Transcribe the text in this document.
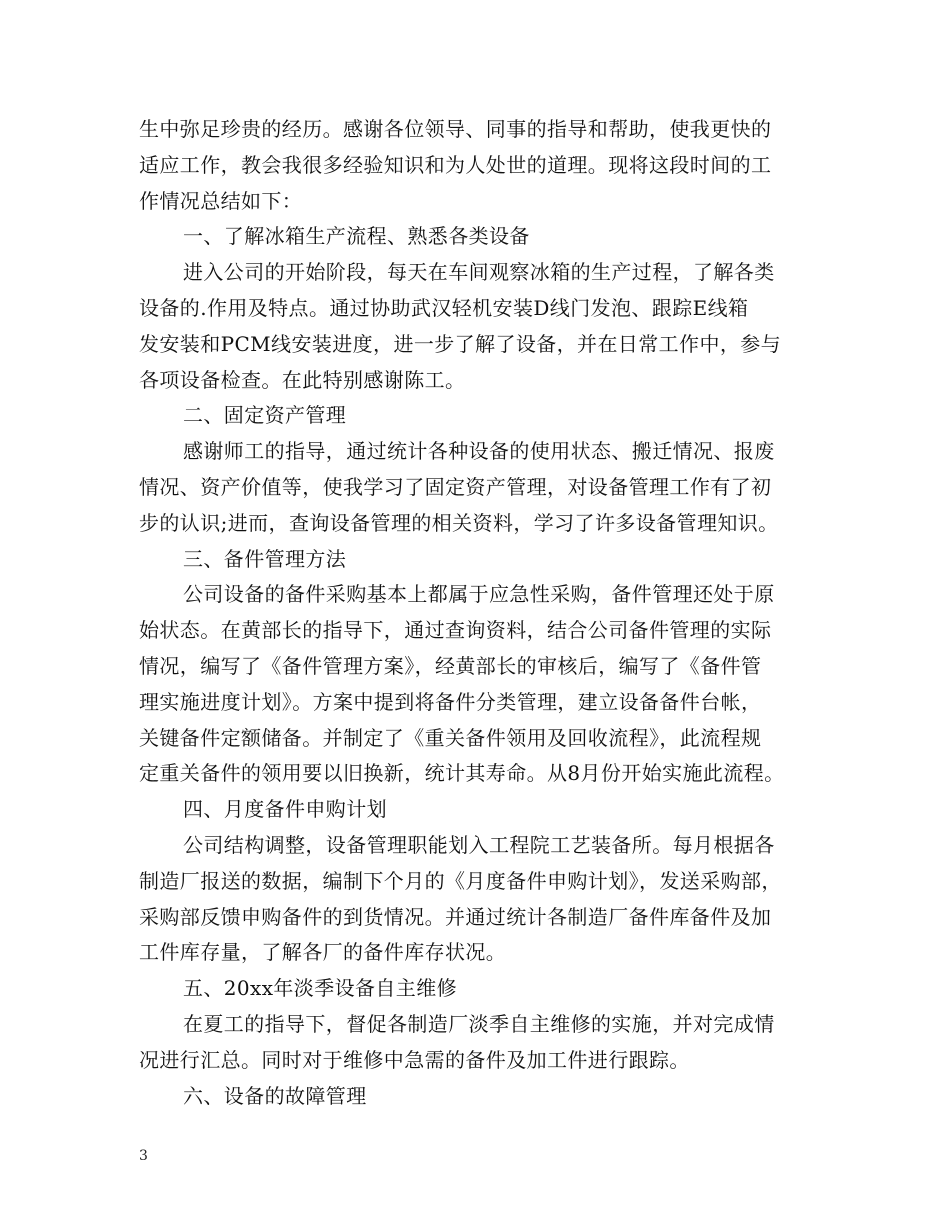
生中弥足珍贵的经历。感谢各位领导、同事的指导和帮助，使我更快的
适应工作，教会我很多经验知识和为人处世的道理。现将这段时间的工
作情况总结如下：
一、了解冰箱生产流程、熟悉各类设备
进入公司的开始阶段，每天在车间观察冰箱的生产过程，了解各类
设备的.作用及特点。通过协助武汉轻机安装D线门发泡、跟踪E线箱
发安装和PCM线安装进度，进一步了解了设备，并在日常工作中，参与
各项设备检查。在此特别感谢陈工。
二、固定资产管理
感谢师工的指导，通过统计各种设备的使用状态、搬迁情况、报废
情况、资产价值等，使我学习了固定资产管理，对设备管理工作有了初
步的认识;进而，查询设备管理的相关资料，学习了许多设备管理知识。
三、备件管理方法
公司设备的备件采购基本上都属于应急性采购，备件管理还处于原
始状态。在黄部长的指导下，通过查询资料，结合公司备件管理的实际
情况，编写了《备件管理方案》，经黄部长的审核后，编写了《备件管
理实施进度计划》。方案中提到将备件分类管理，建立设备备件台帐，
关键备件定额储备。并制定了《重关备件领用及回收流程》，此流程规
定重关备件的领用要以旧换新，统计其寿命。从8月份开始实施此流程。
四、月度备件申购计划
公司结构调整，设备管理职能划入工程院工艺装备所。每月根据各
制造厂报送的数据，编制下个月的《月度备件申购计划》，发送采购部，
采购部反馈申购备件的到货情况。并通过统计各制造厂备件库备件及加
工件库存量，了解各厂的备件库存状况。
五、20xx年淡季设备自主维修
在夏工的指导下，督促各制造厂淡季自主维修的实施，并对完成情
况进行汇总。同时对于维修中急需的备件及加工件进行跟踪。
六、设备的故障管理
3
